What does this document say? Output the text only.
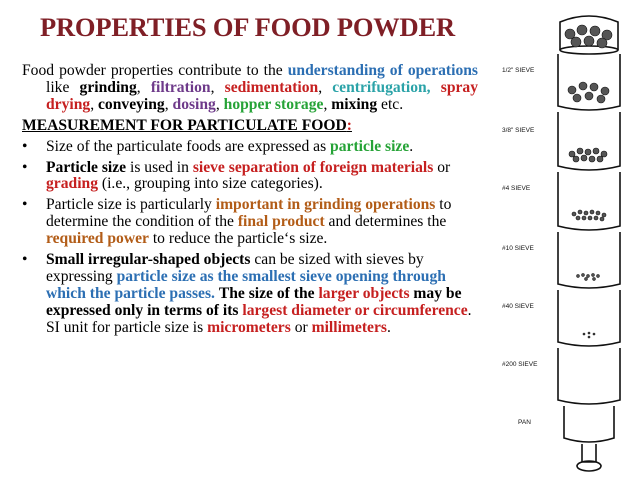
PROPERTIES OF FOOD POWDER

Food powder properties contribute to the understanding of operations like grinding, filtration, sedimentation, centrifugation, spray drying, conveying, dosing, hopper storage, mixing etc.

MEASUREMENT FOR PARTICULATE FOOD:
• Size of the particulate foods are expressed as particle size.
• Particle size is used in sieve separation of foreign materials or grading (i.e., grouping into size categories).
• Particle size is particularly important in grinding operations to determine the condition of the final product and determines the required power to reduce the particle‘s size.
• Small irregular-shaped objects can be sized with sieves by expressing particle size as the smallest sieve opening through which the particle passes. The size of the larger objects may be expressed only in terms of its largest diameter or circumference. SI unit for particle size is micrometers or millimeters.
1/2" SIEVE
3/8" SIEVE
#4 SIEVE
#10 SIEVE
#40 SIEVE
#200 SIEVE
PAN
